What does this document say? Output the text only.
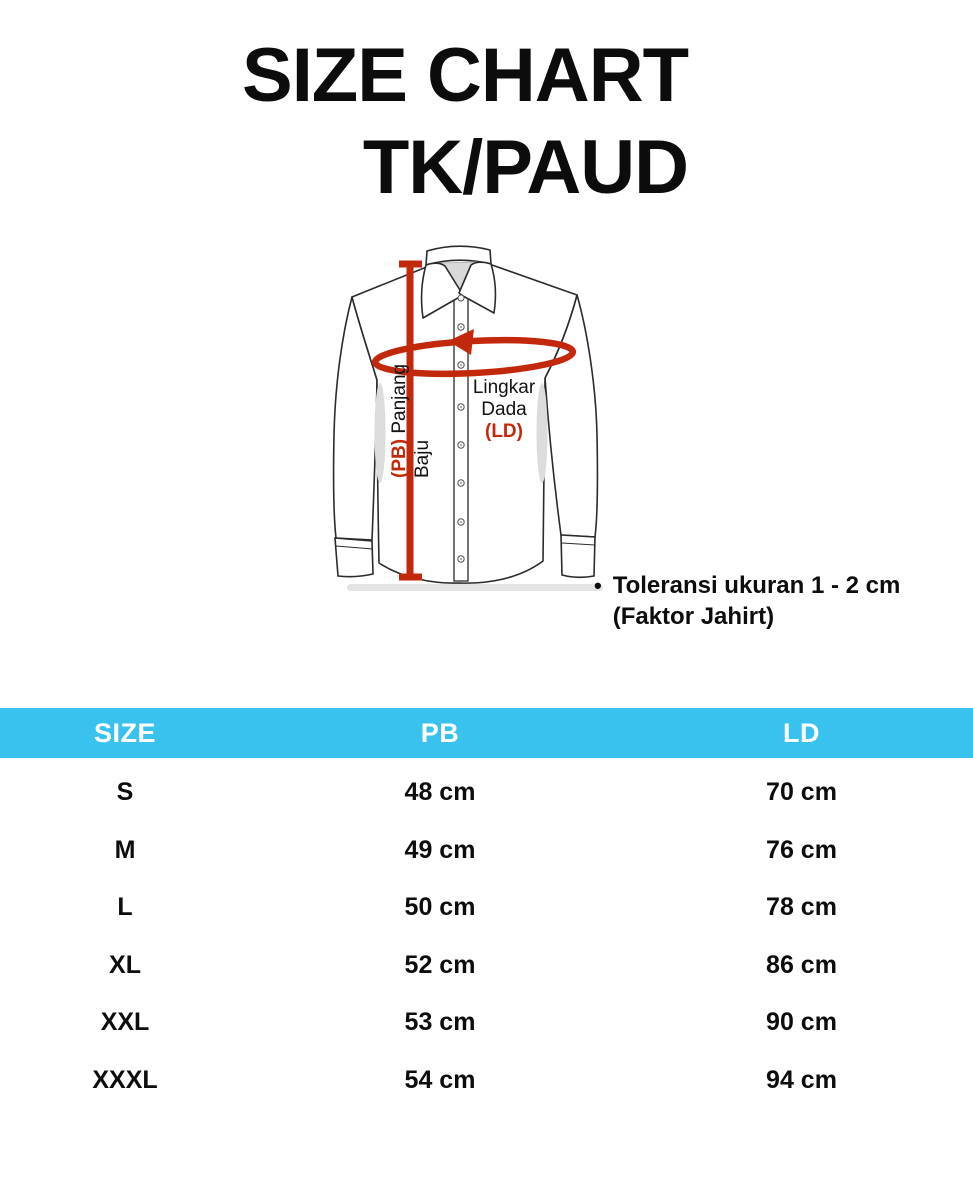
SIZE CHART
TK/PAUD
Lingkar
Dada
(LD)
(PB) Panjang
Baju
• Toleransi ukuran 1 - 2 cm
(Faktor Jahirt)
SIZE	PB	LD
S	48 cm	70 cm
M	49 cm	76 cm
L	50 cm	78 cm
XL	52 cm	86 cm
XXL	53 cm	90 cm
XXXL	54 cm	94 cm
